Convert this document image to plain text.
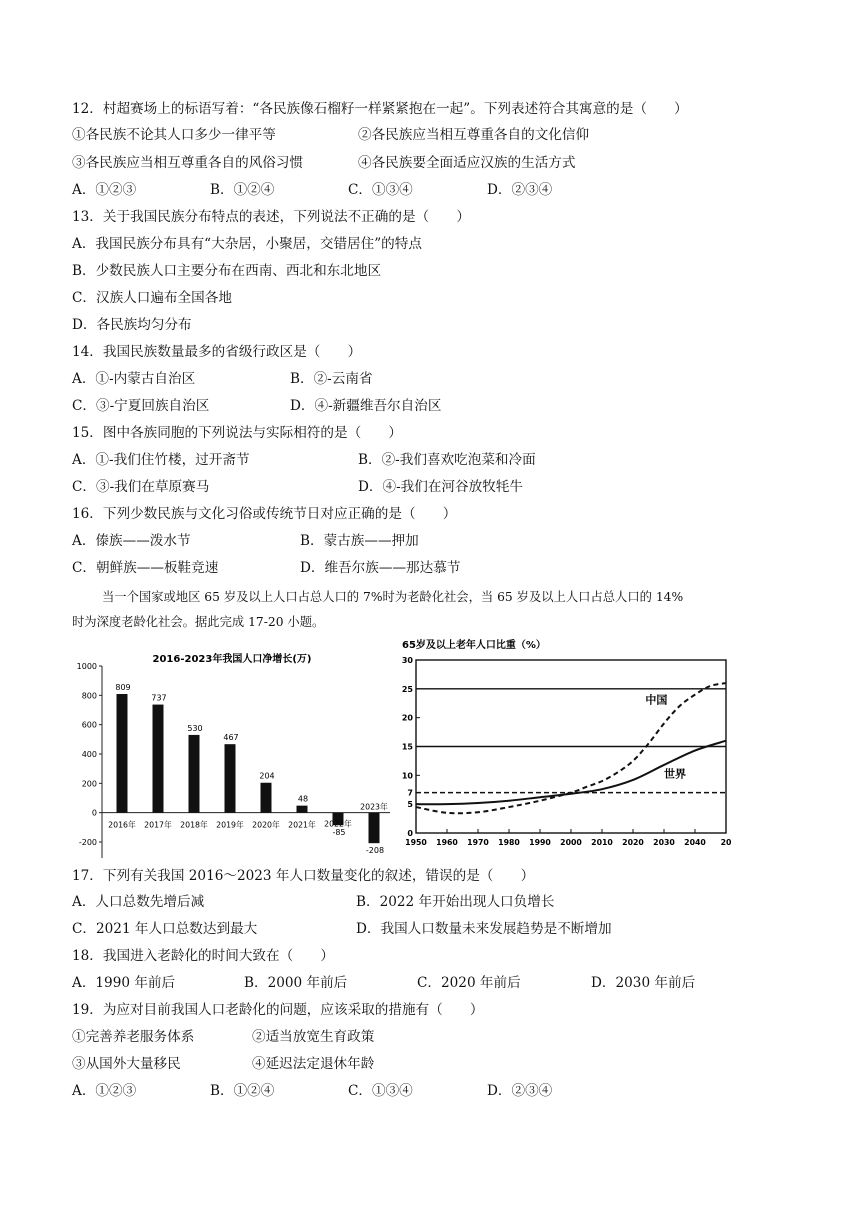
12．村超赛场上的标语写着：“各民族像石榴籽一样紧紧抱在一起”。下列表述符合其寓意的是（　　）
①各民族不论其人口多少一律平等	②各民族应当相互尊重各自的文化信仰
③各民族应当相互尊重各自的风俗习惯	④各民族要全面适应汉族的生活方式
A．①②③	B．①②④	C．①③④	D．②③④
13．关于我国民族分布特点的表述，下列说法不正确的是（　　）
A．我国民族分布具有“大杂居，小聚居，交错居住”的特点
B．少数民族人口主要分布在西南、西北和东北地区
C．汉族人口遍布全国各地
D．各民族均匀分布
14．我国民族数量最多的省级行政区是（　　）
A．①-内蒙古自治区	B．②-云南省
C．③-宁夏回族自治区	D．④-新疆维吾尔自治区
15．图中各族同胞的下列说法与实际相符的是（　　）
A．①-我们住竹楼，过开斋节	B．②-我们喜欢吃泡菜和冷面
C．③-我们在草原赛马	D．④-我们在河谷放牧牦牛
16．下列少数民族与文化习俗或传统节日对应正确的是（　　）
A．傣族——泼水节	B．蒙古族——押加
C．朝鲜族——板鞋竞速	D．维吾尔族——那达慕节
当一个国家或地区 65 岁及以上人口占总人口的 7%时为老龄化社会，当 65 岁及以上人口占总人口的 14%
时为深度老龄化社会。据此完成 17-20 小题。
2016-2023年我国人口净增长(万)
1000
800
600
400
200
0
-200
809
2016年
737
2017年
530
2018年
467
2019年
204
2020年
48
2021年
-85
2022年
-208
2023年
65岁及以上老年人口比重（%）
30
25
20
15
10
7
5
0
1950 1960 1970 1980 1990 2000 2010 2020 2030 2040 20
中国
世界
17．下列有关我国 2016～2023 年人口数量变化的叙述，错误的是（　　）
A．人口总数先增后减	B．2022 年开始出现人口负增长
C．2021 年人口总数达到最大	D．我国人口数量未来发展趋势是不断增加
18．我国进入老龄化的时间大致在（　　）
A．1990 年前后	B．2000 年前后	C．2020 年前后	D．2030 年前后
19．为应对目前我国人口老龄化的问题，应该采取的措施有（　　）
①完善养老服务体系	②适当放宽生育政策
③从国外大量移民	④延迟法定退休年龄
A．①②③	B．①②④	C．①③④	D．②③④
